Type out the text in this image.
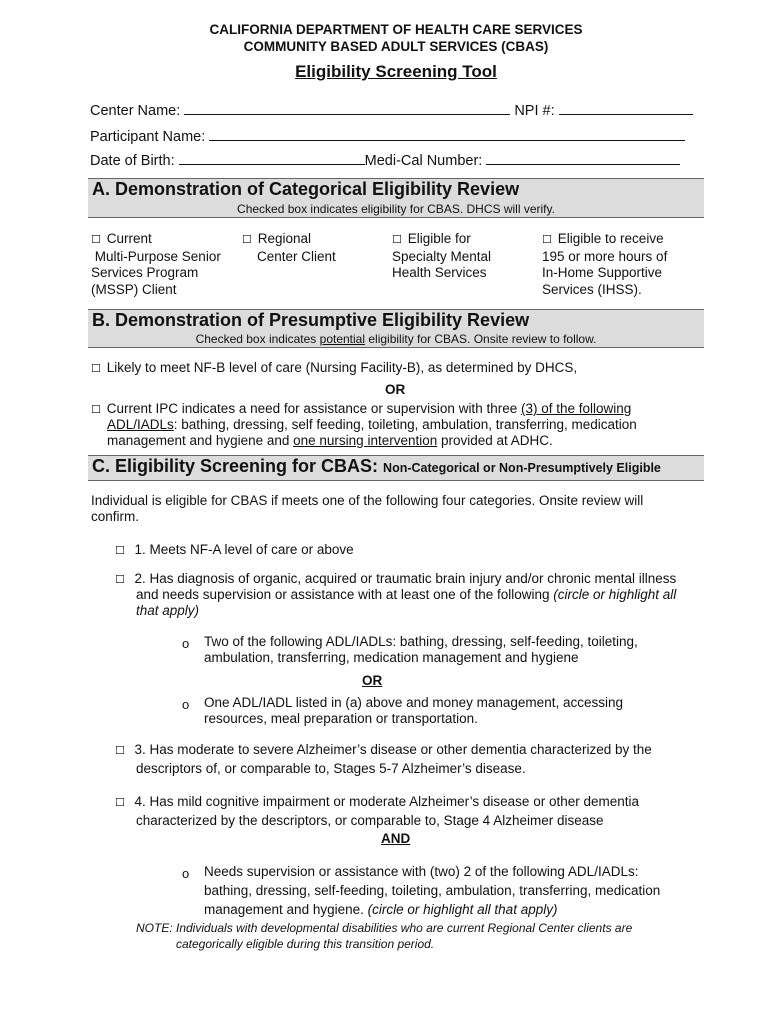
CALIFORNIA DEPARTMENT OF HEALTH CARE SERVICES
COMMUNITY BASED ADULT SERVICES (CBAS)
Eligibility Screening Tool
Center Name:	NPI #:
Participant Name:
Date of Birth:	Medi-Cal Number:
A. Demonstration of Categorical Eligibility Review
Checked box indicates eligibility for CBAS. DHCS will verify.
☐ Current
Multi-Purpose Senior
Services Program
(MSSP) Client
☐ Regional
Center Client
☐ Eligible for
Specialty Mental
Health Services
☐ Eligible to receive
195 or more hours of
In-Home Supportive
Services (IHSS).
B. Demonstration of Presumptive Eligibility Review
Checked box indicates potential eligibility for CBAS. Onsite review to follow.
☐ Likely to meet NF-B level of care (Nursing Facility-B), as determined by DHCS,
OR
☐ Current IPC indicates a need for assistance or supervision with three (3) of the following
ADL/IADLs: bathing, dressing, self feeding, toileting, ambulation, transferring, medication
management and hygiene and one nursing intervention provided at ADHC.
C. Eligibility Screening for CBAS: Non-Categorical or Non-Presumptively Eligible
Individual is eligible for CBAS if meets one of the following four categories. Onsite review will
confirm.
☐ 1. Meets NF-A level of care or above
☐ 2. Has diagnosis of organic, acquired or traumatic brain injury and/or chronic mental illness
and needs supervision or assistance with at least one of the following (circle or highlight all
that apply)
o Two of the following ADL/IADLs: bathing, dressing, self-feeding, toileting,
ambulation, transferring, medication management and hygiene
OR
o One ADL/IADL listed in (a) above and money management, accessing
resources, meal preparation or transportation.
☐ 3. Has moderate to severe Alzheimer’s disease or other dementia characterized by the
descriptors of, or comparable to, Stages 5-7 Alzheimer’s disease.
☐ 4. Has mild cognitive impairment or moderate Alzheimer’s disease or other dementia
characterized by the descriptors, or comparable to, Stage 4 Alzheimer disease
AND
o Needs supervision or assistance with (two) 2 of the following ADL/IADLs:
bathing, dressing, self-feeding, toileting, ambulation, transferring, medication
management and hygiene. (circle or highlight all that apply)
NOTE: Individuals with developmental disabilities who are current Regional Center clients are
categorically eligible during this transition period.
